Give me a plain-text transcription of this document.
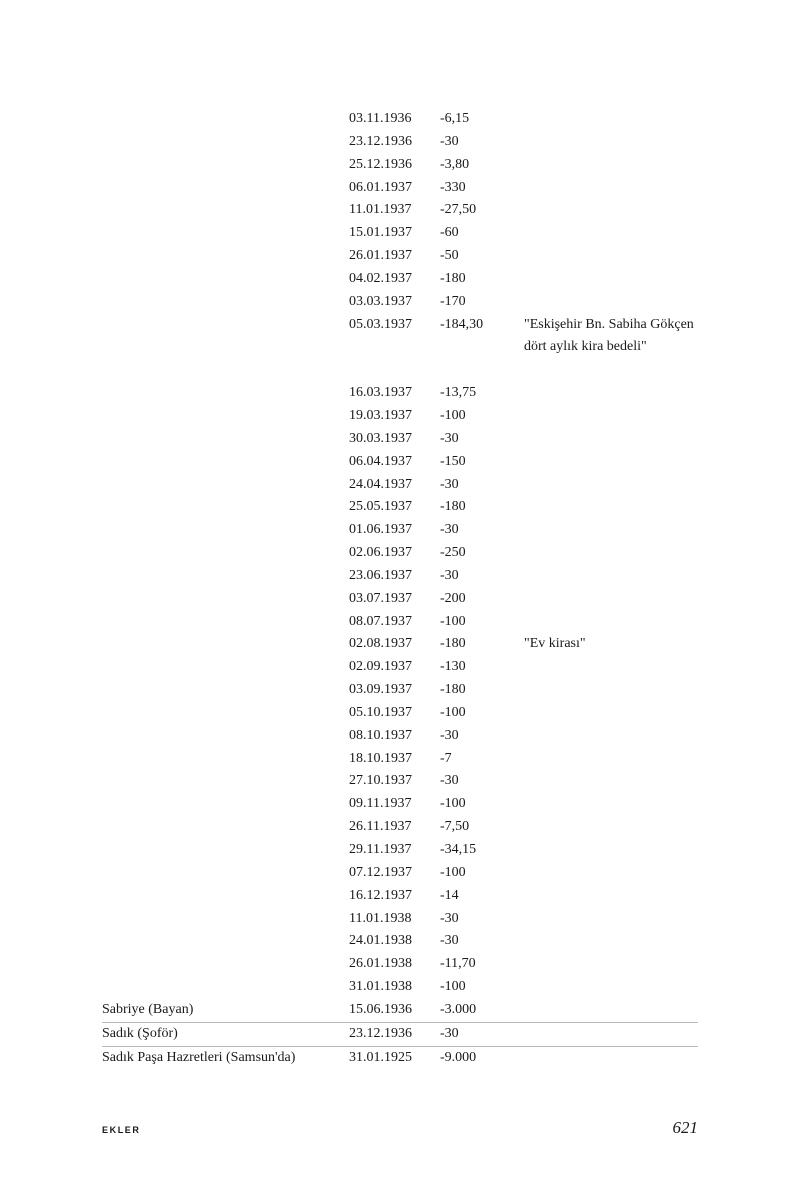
03.11.1936 -6,15
23.12.1936 -30
25.12.1936 -3,80
06.01.1937 -330
11.01.1937 -27,50
15.01.1937 -60
26.01.1937 -50
04.02.1937 -180
03.03.1937 -170
05.03.1937 -184,30	"Eskişehir Bn. Sabiha Gökçen dört aylık kira bedeli"
16.03.1937 -13,75
19.03.1937 -100
30.03.1937 -30
06.04.1937 -150
24.04.1937 -30
25.05.1937 -180
01.06.1937 -30
02.06.1937 -250
23.06.1937 -30
03.07.1937 -200
08.07.1937 -100
02.08.1937 -180	"Ev kirası"
02.09.1937 -130
03.09.1937 -180
05.10.1937 -100
08.10.1937 -30
18.10.1937 -7
27.10.1937 -30
09.11.1937 -100
26.11.1937 -7,50
29.11.1937 -34,15
07.12.1937 -100
16.12.1937 -14
11.01.1938 -30
24.01.1938 -30
26.01.1938 -11,70
31.01.1938 -100
Sabriye (Bayan)	15.06.1936 -3.000
Sadık (Şoför)	23.12.1936 -30
Sadık Paşa Hazretleri (Samsun'da)	31.01.1925 -9.000
EKLER	621
